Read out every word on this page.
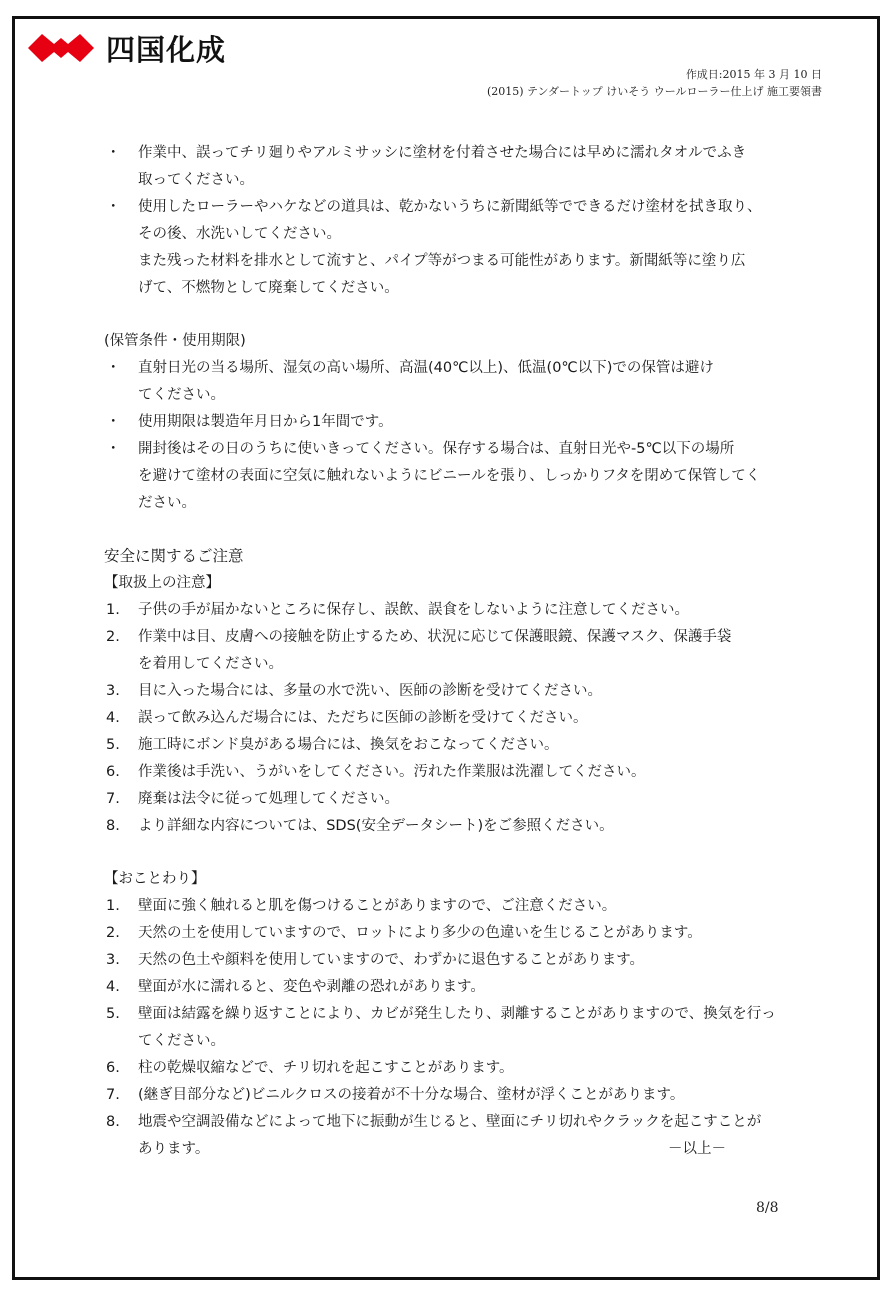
四国化成
作成日:2015 年 3 月 10 日
(2015) テンダートップ けいそう ウールローラー仕上げ 施工要領書
・ 作業中、誤ってチリ廻りやアルミサッシに塗材を付着させた場合には早めに濡れタオルでふき
取ってください。
・ 使用したローラーやハケなどの道具は、乾かないうちに新聞紙等でできるだけ塗材を拭き取り、
その後、水洗いしてください。
また残った材料を排水として流すと、パイプ等がつまる可能性があります。新聞紙等に塗り広
げて、不燃物として廃棄してください。
(保管条件・使用期限)
・ 直射日光の当る場所、湿気の高い場所、高温(40℃以上)、低温(0℃以下)での保管は避け
てください。
・ 使用期限は製造年月日から1年間です。
・ 開封後はその日のうちに使いきってください。保存する場合は、直射日光や-5℃以下の場所
を避けて塗材の表面に空気に触れないようにビニールを張り、しっかりフタを閉めて保管してく
ださい。
安全に関するご注意
【取扱上の注意】
1. 子供の手が届かないところに保存し、誤飲、誤食をしないように注意してください。
2. 作業中は目、皮膚への接触を防止するため、状況に応じて保護眼鏡、保護マスク、保護手袋
を着用してください。
3. 目に入った場合には、多量の水で洗い、医師の診断を受けてください。
4. 誤って飲み込んだ場合には、ただちに医師の診断を受けてください。
5. 施工時にボンド臭がある場合には、換気をおこなってください。
6. 作業後は手洗い、うがいをしてください。汚れた作業服は洗濯してください。
7. 廃棄は法令に従って処理してください。
8. より詳細な内容については、SDS(安全データシート)をご参照ください。
【おことわり】
1. 壁面に強く触れると肌を傷つけることがありますので、ご注意ください。
2. 天然の土を使用していますので、ロットにより多少の色違いを生じることがあります。
3. 天然の色土や顔料を使用していますので、わずかに退色することがあります。
4. 壁面が水に濡れると、変色や剥離の恐れがあります。
5. 壁面は結露を繰り返すことにより、カビが発生したり、剥離することがありますので、換気を行っ
てください。
6. 柱の乾燥収縮などで、チリ切れを起こすことがあります。
7. (継ぎ目部分など)ビニルクロスの接着が不十分な場合、塗材が浮くことがあります。
8. 地震や空調設備などによって地下に振動が生じると、壁面にチリ切れやクラックを起こすことが
あります。	－以上－
8/8
